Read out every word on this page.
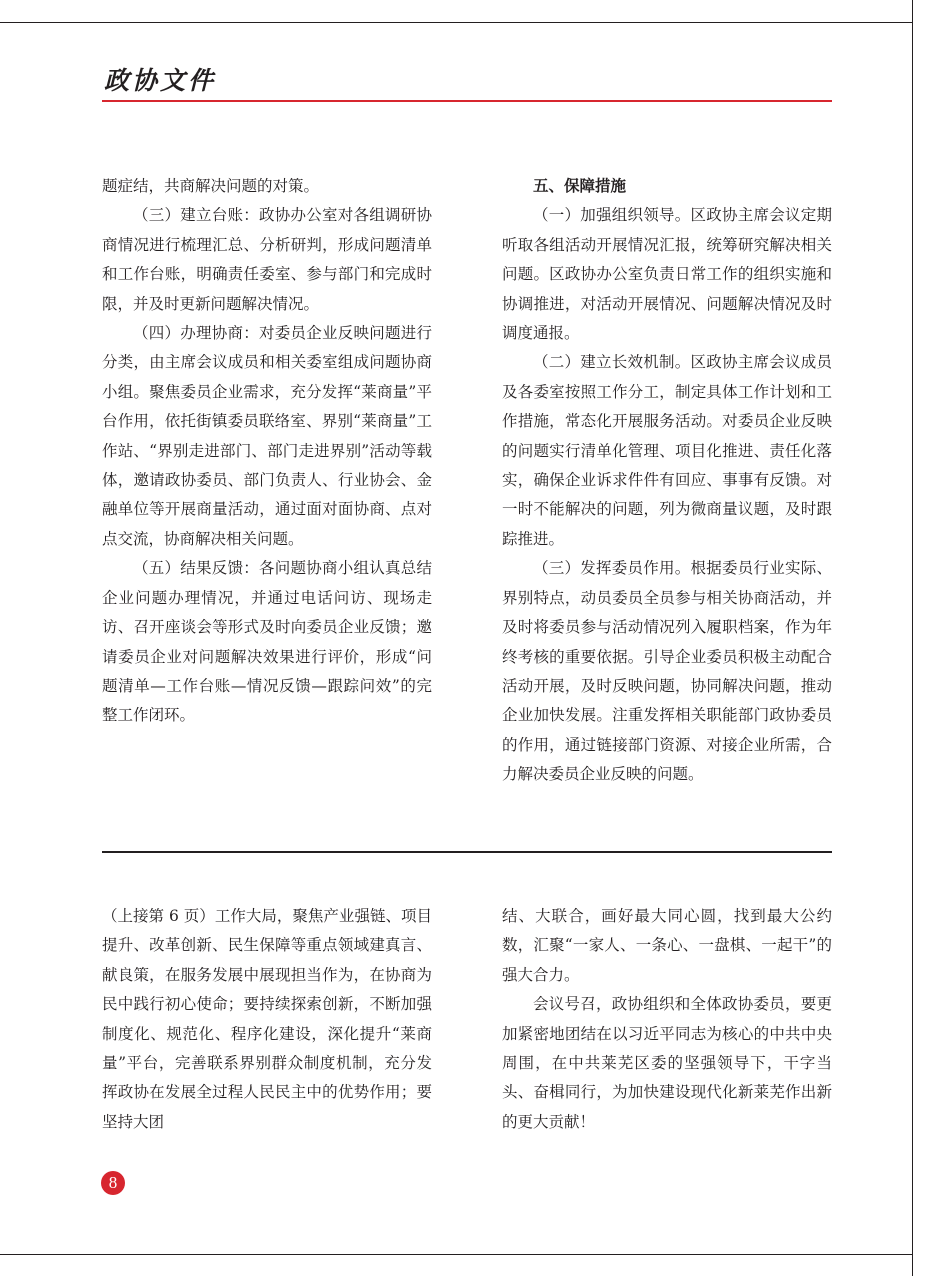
政协文件

题症结，共商解决问题的对策。

（三）建立台账：政协办公室对各组调研协商情况进行梳理汇总、分析研判，形成问题清单和工作台账，明确责任委室、参与部门和完成时限，并及时更新问题解决情况。

（四）办理协商：对委员企业反映问题进行分类，由主席会议成员和相关委室组成问题协商小组。聚焦委员企业需求，充分发挥“莱商量”平台作用，依托街镇委员联络室、界别“莱商量”工作站、“界别走进部门、部门走进界别”活动等载体，邀请政协委员、部门负责人、行业协会、金融单位等开展商量活动，通过面对面协商、点对点交流，协商解决相关问题。

（五）结果反馈：各问题协商小组认真总结企业问题办理情况，并通过电话问访、现场走访、召开座谈会等形式及时向委员企业反馈；邀请委员企业对问题解决效果进行评价，形成“问题清单—工作台账—情况反馈—跟踪问效”的完整工作闭环。

五、保障措施

（一）加强组织领导。区政协主席会议定期听取各组活动开展情况汇报，统筹研究解决相关问题。区政协办公室负责日常工作的组织实施和协调推进，对活动开展情况、问题解决情况及时调度通报。

（二）建立长效机制。区政协主席会议成员及各委室按照工作分工，制定具体工作计划和工作措施，常态化开展服务活动。对委员企业反映的问题实行清单化管理、项目化推进、责任化落实，确保企业诉求件件有回应、事事有反馈。对一时不能解决的问题，列为微商量议题，及时跟踪推进。

（三）发挥委员作用。根据委员行业实际、界别特点，动员委员全员参与相关协商活动，并及时将委员参与活动情况列入履职档案，作为年终考核的重要依据。引导企业委员积极主动配合活动开展，及时反映问题，协同解决问题，推动企业加快发展。注重发挥相关职能部门政协委员的作用，通过链接部门资源、对接企业所需，合力解决委员企业反映的问题。

（上接第 6 页）工作大局，聚焦产业强链、项目提升、改革创新、民生保障等重点领域建真言、献良策，在服务发展中展现担当作为，在协商为民中践行初心使命；要持续探索创新，不断加强制度化、规范化、程序化建设，深化提升“莱商量”平台，完善联系界别群众制度机制，充分发挥政协在发展全过程人民民主中的优势作用；要坚持大团

结、大联合，画好最大同心圆，找到最大公约数，汇聚“一家人、一条心、一盘棋、一起干”的强大合力。

会议号召，政协组织和全体政协委员，要更加紧密地团结在以习近平同志为核心的中共中央周围，在中共莱芜区委的坚强领导下，干字当头、奋楫同行，为加快建设现代化新莱芜作出新的更大贡献！

8
